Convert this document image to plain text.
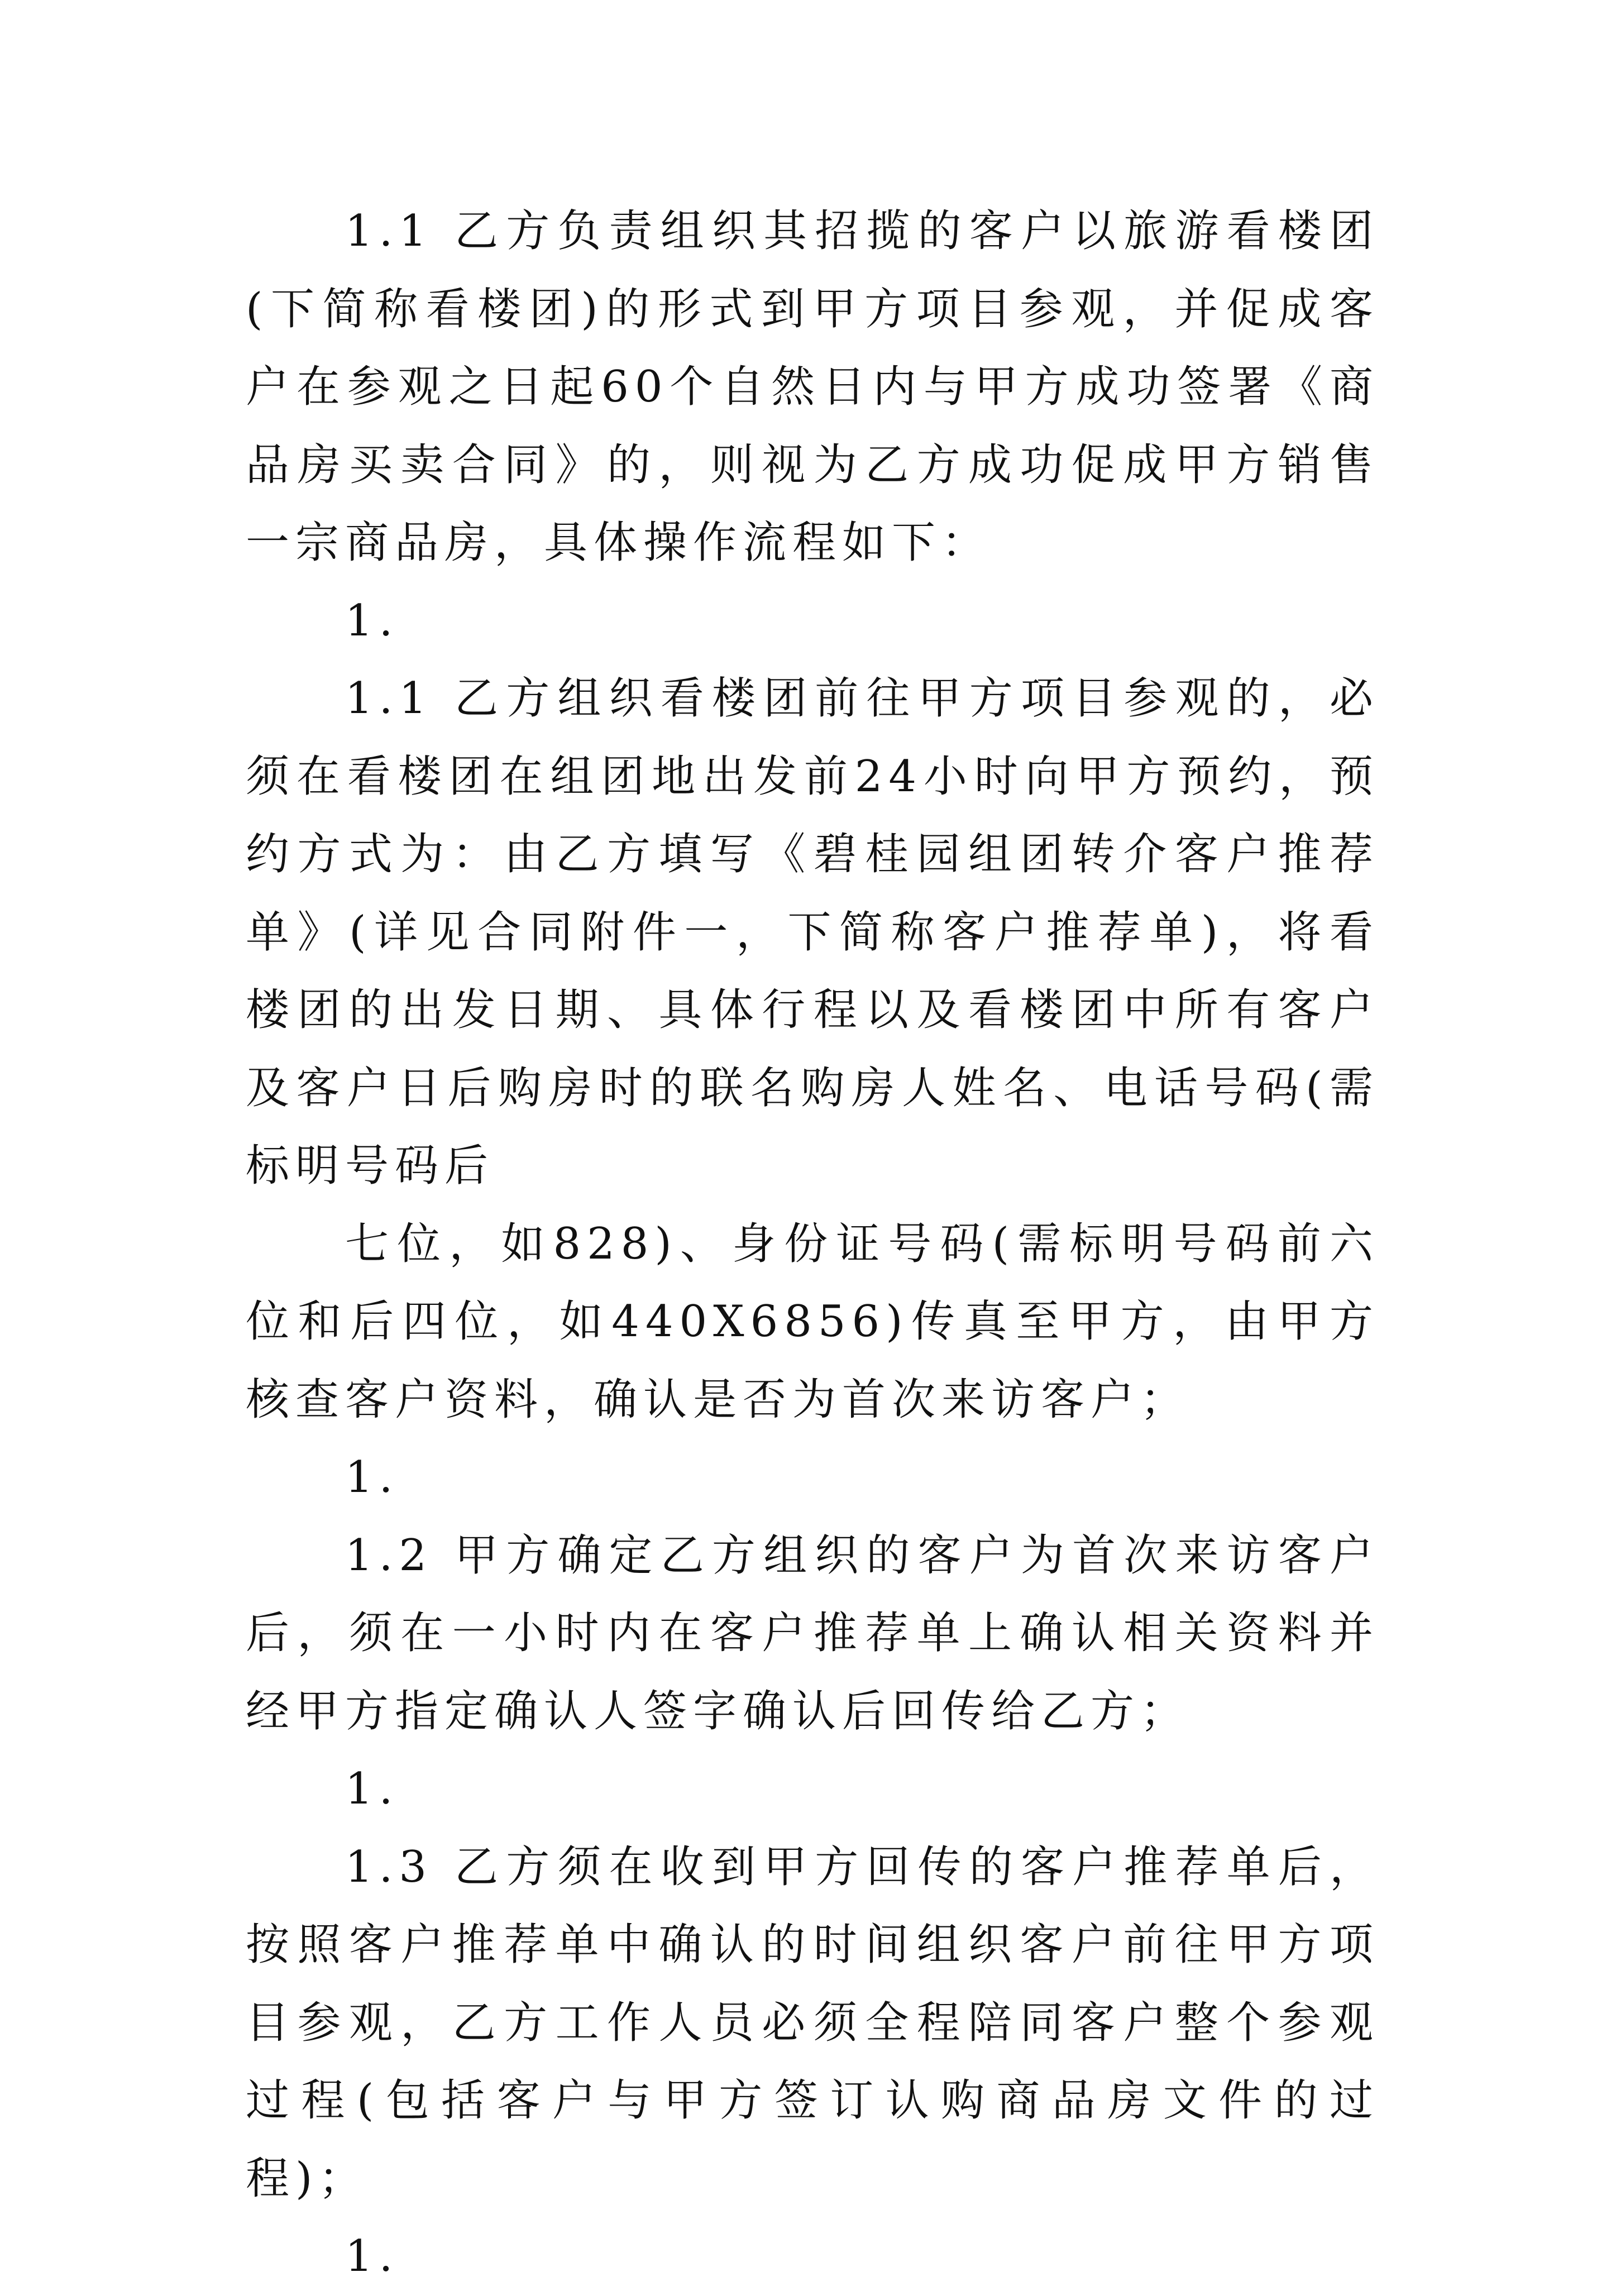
1.1 乙方负责组织其招揽的客户以旅游看楼团(下简称看楼团)的形式到甲方项目参观，并促成客户在参观之日起60个自然日内与甲方成功签署《商品房买卖合同》的，则视为乙方成功促成甲方销售一宗商品房，具体操作流程如下：

1.

1.1 乙方组织看楼团前往甲方项目参观的，必须在看楼团在组团地出发前24小时向甲方预约，预约方式为：由乙方填写《碧桂园组团转介客户推荐单》(详见合同附件一，下简称客户推荐单)，将看楼团的出发日期、具体行程以及看楼团中所有客户及客户日后购房时的联名购房人姓名、电话号码(需标明号码后

七位，如828)、身份证号码(需标明号码前六位和后四位，如440X6856)传真至甲方，由甲方核查客户资料，确认是否为首次来访客户；

1.

1.2 甲方确定乙方组织的客户为首次来访客户后，须在一小时内在客户推荐单上确认相关资料并经甲方指定确认人签字确认后回传给乙方；

1.

1.3 乙方须在收到甲方回传的客户推荐单后，按照客户推荐单中确认的时间组织客户前往甲方项目参观，乙方工作人员必须全程陪同客户整个参观过程(包括客户与甲方签订认购商品房文件的过程)；

1.
